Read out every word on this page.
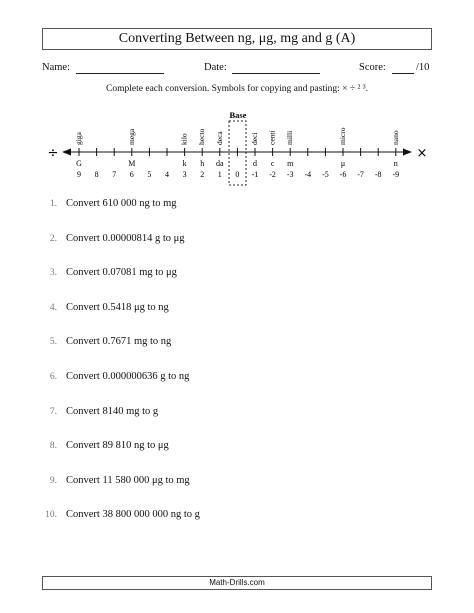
Converting Between ng, μg, mg and g (A)
Name:	Date:	Score:	/10
Complete each conversion. Symbols for copying and pasting: × ÷ ² ³.
Base
÷	×
9
G
giga
8 7 6
M
mega
5 4 3
k
kilo
2
h
hecto
1
da
deca
0 -1
d
deci
-2
c
centi
-3
m
milli
-4 -5 -6
μ
micro
-7 -8 -9
n
nano
1. Convert 610 000 ng to mg
2. Convert 0.00000814 g to μg
3. Convert 0.07081 mg to μg
4. Convert 0.5418 μg to ng
5. Convert 0.7671 mg to ng
6. Convert 0.000000636 g to ng
7. Convert 8140 mg to g
8. Convert 89 810 ng to μg
9. Convert 11 580 000 μg to mg
10. Convert 38 800 000 000 ng to g
Math-Drills.com
